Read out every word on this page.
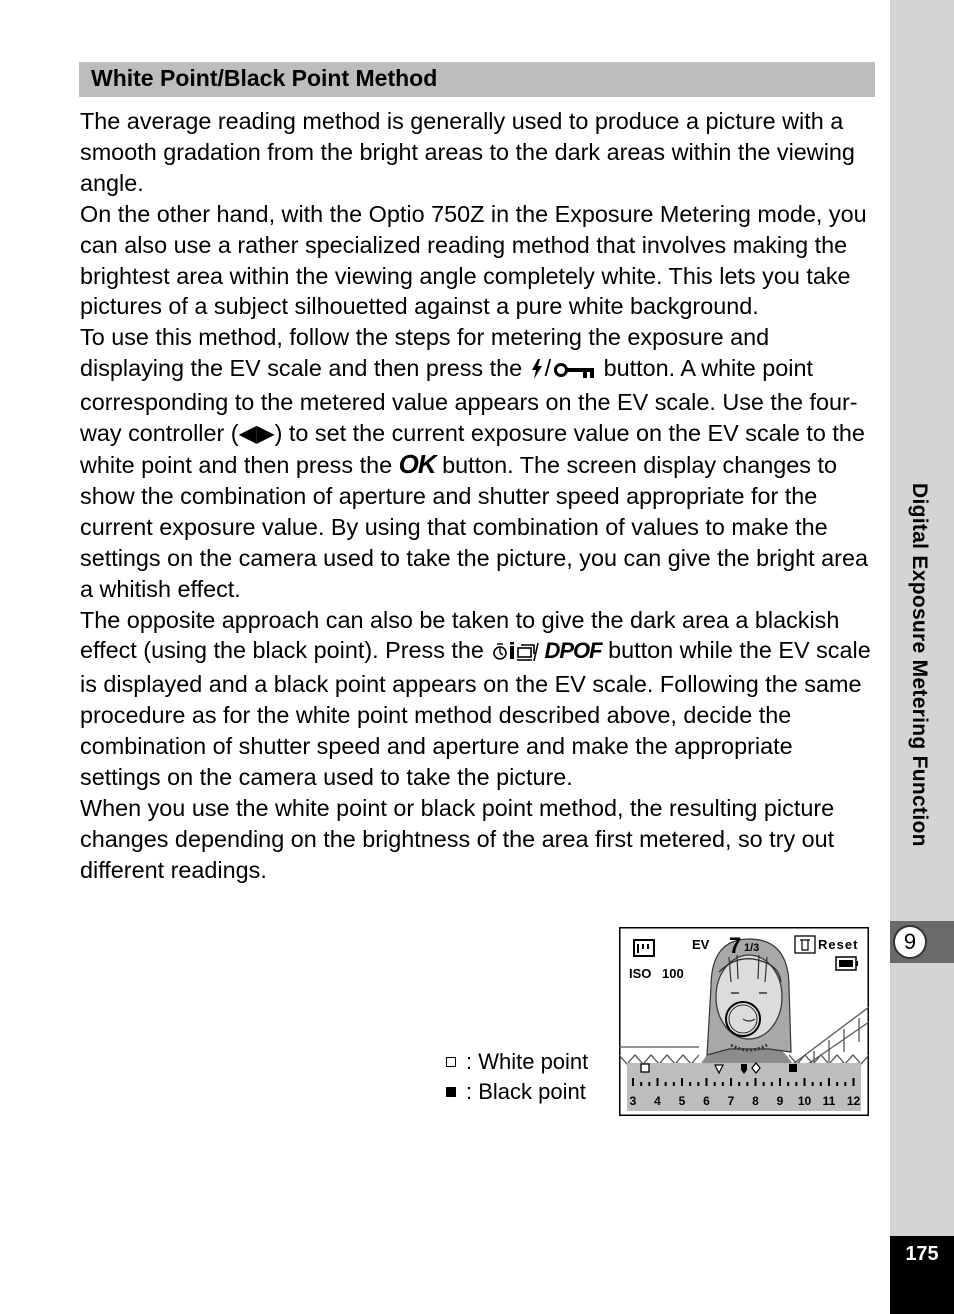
Digital Exposure Metering Function
9
175
White Point/Black Point Method

The average reading method is generally used to produce a picture with a smooth gradation from the bright areas to the dark areas within the viewing angle.

On the other hand, with the Optio 750Z in the Exposure Metering mode, you can also use a rather specialized reading method that involves making the brightest area within the viewing angle completely white. This lets you take pictures of a subject silhouetted against a pure white background.

To use this method, follow the steps for metering the exposure and displaying the EV scale and then press the / button. A white point corresponding to the metered value appears on the EV scale. Use the four-way controller (◀▶) to set the current exposure value on the EV scale to the white point and then press the OK button. The screen display changes to show the combination of aperture and shutter speed appropriate for the current exposure value. By using that combination of values to make the settings on the camera used to take the picture, you can give the bright area a whitish effect.

The opposite approach can also be taken to give the dark area a blackish effect (using the black point). Press the	DPOF button while the EV scale is displayed and a black point appears on the EV scale. Following the same procedure as for the white point method described above, decide the combination of shutter speed and aperture and make the appropriate settings on the camera used to take the picture.

When you use the white point or black point method, the resulting picture changes depending on the brightness of the area first metered, so try out different readings.

: White point
: Black point
EV 7 1/3	Reset
ISO 100
3 4 5 6 7 8 9 10 11 12
